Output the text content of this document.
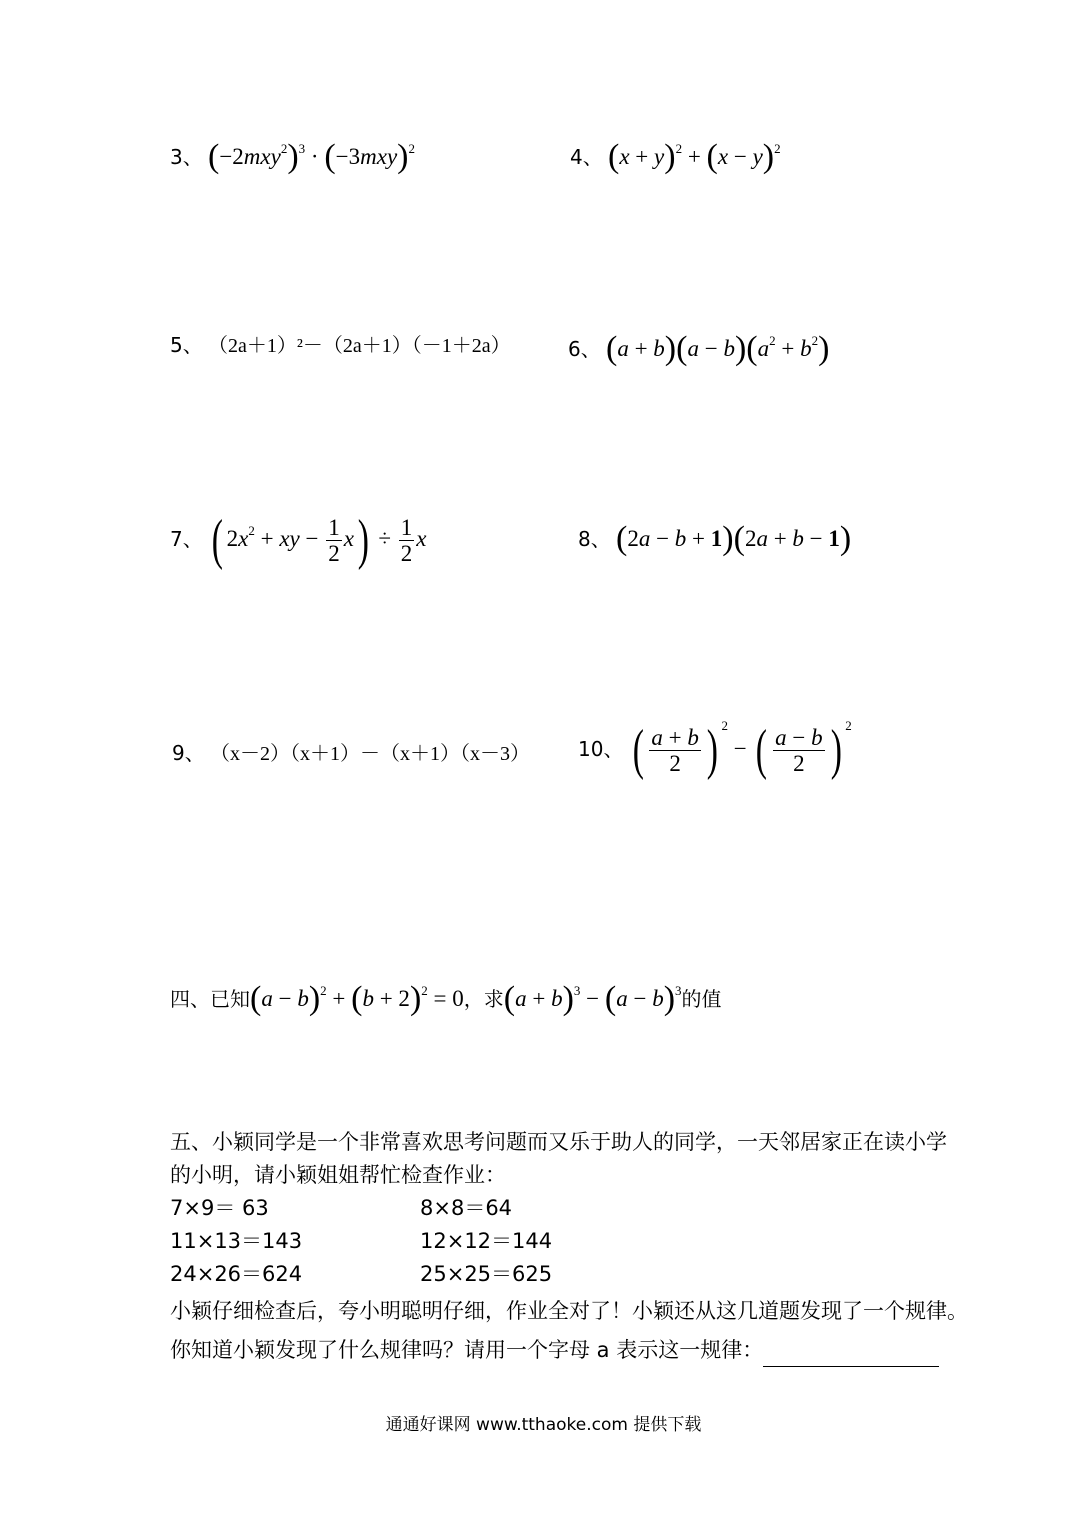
3、 $(-2mxy^2)^3 \cdot (-3mxy)^2$	4、 $(x + y)^2 + (x - y)^2$
5、 （2a＋1）²－（2a＋1）（－1＋2a）	6、 $(a + b)(a - b)(a^2 + b^2)$
7、 ( $2x^2$ + xy − $\frac{1}{2} x) \div \frac{1}{2}$ x	8、 (2a − b + 1)(2a + b − 1)
9、 （x－2）（x＋1）－（x＋1）（x－3） 10、 ( $\frac{a + b}{2}$ ) $^2$ − ( $\frac{a - b}{2}$ ) $^2$
四、已知$(a - b)^2 + (b + 2)^2 = 0$，求$(a + b)^3 - (a - b)^3$的值
五、小颖同学是一个非常喜欢思考问题而又乐于助人的同学，一天邻居家正在读小学
的小明，请小颖姐姐帮忙检查作业：
7×9＝ 63	8×8＝64
11×13＝143	12×12＝144
24×26＝624	25×25＝625
小颖仔细检查后，夸小明聪明仔细，作业全对了！小颖还从这几道题发现了一个规律。
你知道小颖发现了什么规律吗？请用一个字母 a 表示这一规律：
通通好课网 www.tthaoke.com 提供下载
